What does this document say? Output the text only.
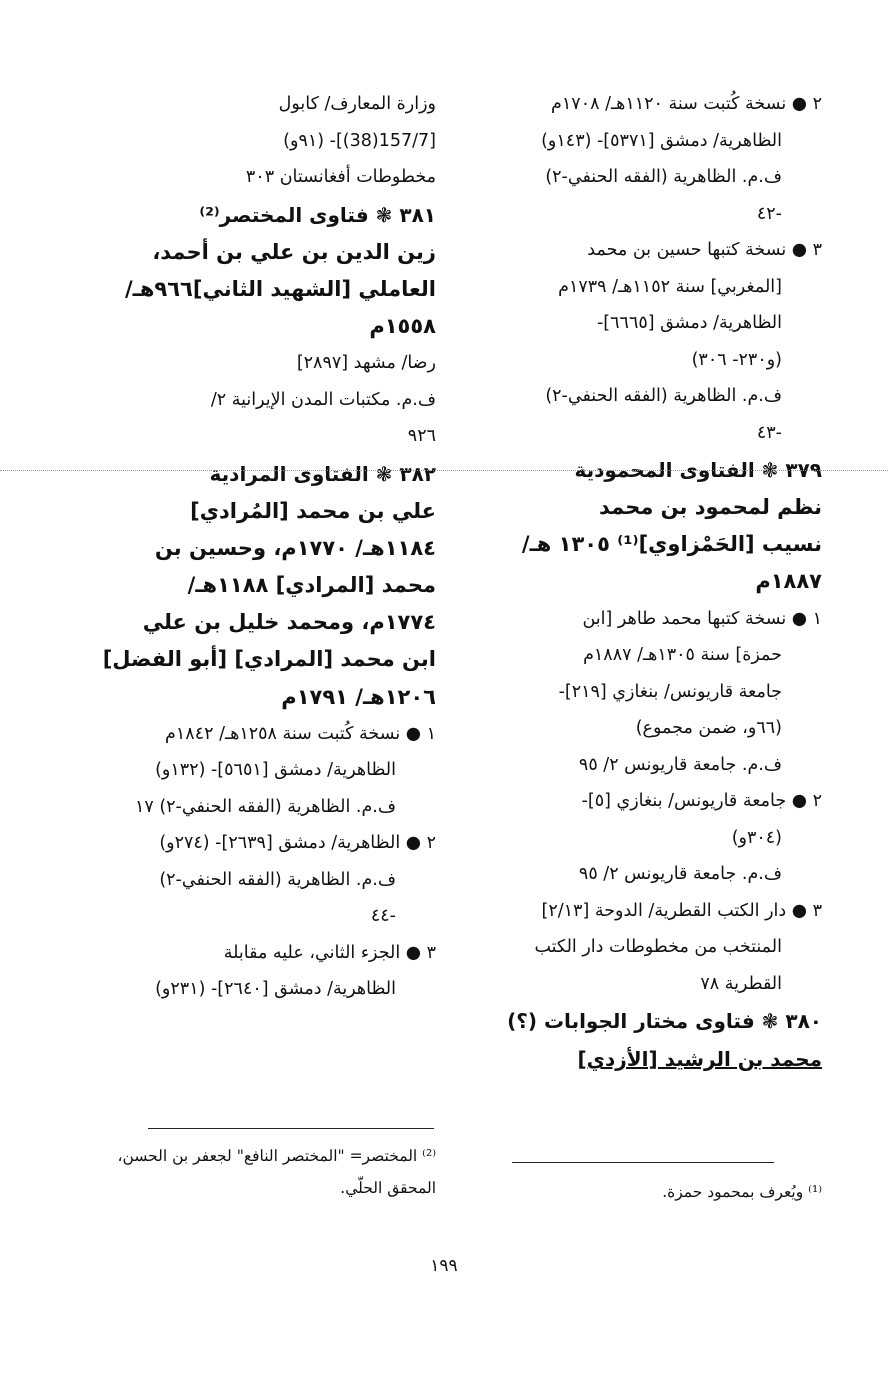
٢ ● نسخة كُتبت سنة ١١٢٠هـ/ ١٧٠٨م
الظاهرية/ دمشق [٥٣٧١]- (١٤٣و)
ف.م. الظاهرية (الفقه الحنفي-٢)
-٤٢
٣ ● نسخة كتبها حسين بن محمد
[المغربي] سنة ١١٥٢هـ/ ١٧٣٩م
الظاهرية/ دمشق [٦٦٦٥]-
(و٢٣٠- ٣٠٦)
ف.م. الظاهرية (الفقه الحنفي-٢)
-٤٣
٣٧٩ ❃ الفتاوى المحمودية
نظم لمحمود بن محمد
نسيب [الحَمْزاوي]⁽¹⁾ ١٣٠٥ هـ/
١٨٨٧م
١ ● نسخة كتبها محمد طاهر [ابن
حمزة] سنة ١٣٠٥هـ/ ١٨٨٧م
جامعة قاريونس/ بنغازي [٢١٩]-
(٦٦و، ضمن مجموع)
ف.م. جامعة قاريونس ٢/ ٩٥
٢ ● جامعة قاريونس/ بنغازي [٥]-
(٣٠٤و)
ف.م. جامعة قاريونس ٢/ ٩٥
٣ ● دار الكتب القطرية/ الدوحة [٢/١٣]
المنتخب من مخطوطات دار الكتب
القطرية ٧٨
٣٨٠ ❃ فتاوى مختار الجوابات (؟)
محمد بن الرشيد [الأزدي]
وزارة المعارف/ كابول
[157/7(38)]- (٩١و)
مخطوطات أفغانستان ٣٠٣
٣٨١ ❃ فتاوى المختصر⁽²⁾
زين الدين بن علي بن أحمد،
العاملي [الشهيد الثاني]٩٦٦هـ/
١٥٥٨م
رضا/ مشهد [٢٨٩٧]
ف.م. مكتبات المدن الإيرانية ٢/
٩٢٦
٣٨٢ ❃ الفتاوى المرادية
علي بن محمد [المُرادي]
١١٨٤هـ/ ١٧٧٠م، وحسين بن
محمد [المرادي] ١١٨٨هـ/
١٧٧٤م، ومحمد خليل بن علي
ابن محمد [المرادي] [أبو الفضل]
١٢٠٦هـ/ ١٧٩١م
١ ● نسخة كُتبت سنة ١٢٥٨هـ/ ١٨٤٢م
الظاهرية/ دمشق [٥٦٥١]- (١٣٢و)
ف.م. الظاهرية (الفقه الحنفي-٢) ١٧
٢ ● الظاهرية/ دمشق [٢٦٣٩]- (٢٧٤و)
ف.م. الظاهرية (الفقه الحنفي-٢)
-٤٤
٣ ● الجزء الثاني، عليه مقابلة
الظاهرية/ دمشق [٢٦٤٠]- (٢٣١و)
⁽¹⁾ ويُعرف بمحمود حمزة.
⁽²⁾ المختصر= "المختصر النافع" لجعفر بن الحسن،
المحقق الحلّي.
١٩٩
